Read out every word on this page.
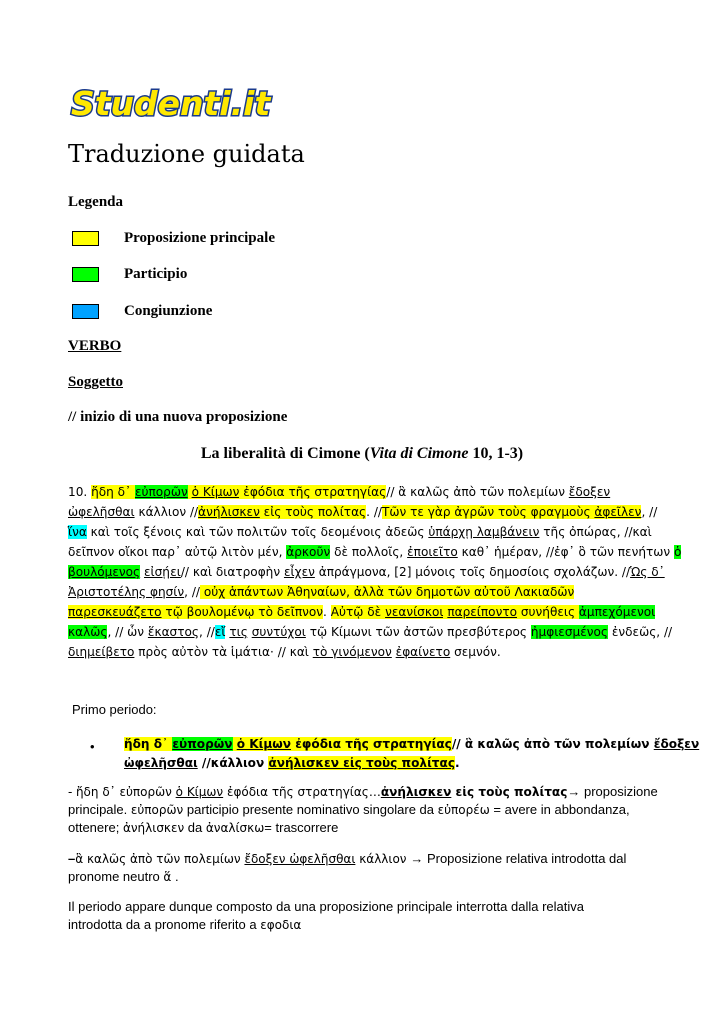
Studenti.it
Traduzione guidata
Legenda
Proposizione principale
Participio
Congiunzione
VERBO
Soggetto
// inizio di una nuova proposizione
La liberalità di Cimone (Vita di Cimone 10, 1-3)
10. ἤδη δ᾽ εὐπορῶν ὁ Κίμων ἐφόδια τῆς στρατηγίας// ἃ καλῶς ἀπὸ τῶν πολεμίων ἔδοξεν
ὠφελῆσθαι κάλλιον //ἀνήλισκεν εἰς τοὺς πολίτας. //Τῶν τε γὰρ ἀγρῶν τοὺς φραγμοὺς ἀφεῖλεν, //
ἵνα καὶ τοῖς ξένοις καὶ τῶν πολιτῶν τοῖς δεομένοις ἀδεῶς ὑπάρχῃ λαμβάνειν τῆς ὀπώρας, //καὶ
δεῖπνον οἴκοι παρ᾽ αὐτῷ λιτὸν μέν, ἀρκοῦν δὲ πολλοῖς, ἐποιεῖτο καθ᾽ ἡμέραν, //ἐφ᾽ ὃ τῶν πενήτων ὁ
βουλόμενος εἰσῄει// καὶ διατροφὴν εἶχεν ἀπράγμονα, [2] μόνοις τοῖς δημοσίοις σχολάζων. //Ὡς δ᾽
Ἀριστοτέλης φησίν, // οὐχ ἁπάντων Ἀθηναίων, ἀλλὰ τῶν δημοτῶν αὐτοῦ Λακιαδῶν
παρεσκευάζετο τῷ βουλομένῳ τὸ δεῖπνον. Αὐτῷ δὲ νεανίσκοι παρείποντο συνήθεις ἀμπεχόμενοι
καλῶς, // ὧν ἕκαστος, //εἴ τις συντύχοι τῷ Κίμωνι τῶν ἀστῶν πρεσβύτερος ἠμφιεσμένος ἐνδεῶς, //
διημείβετο πρὸς αὐτὸν τὰ ἱμάτια· // καὶ τὸ γινόμενον ἐφαίνετο σεμνόν.
Primo periodo:
•	ἤδη δ᾽ εὐπορῶν ὁ Κίμων ἐφόδια τῆς στρατηγίας// ἃ καλῶς ἀπὸ τῶν πολεμίων ἔδοξεν
ὠφελῆσθαι //κάλλιον ἀνήλισκεν εἰς τοὺς πολίτας.
- ἤδη δ᾽ εὐπορῶν ὁ Κίμων ἐφόδια τῆς στρατηγίας…ἀνήλισκεν εἰς τοὺς πολίτας→ proposizione
principale. εὐπορῶν participio presente nominativo singolare da εὐπορέω = avere in abbondanza,
ottenere; ἀνήλισκεν da ἀναλίσκω= trascorrere
–ἃ καλῶς ἀπὸ τῶν πολεμίων ἔδοξεν ὠφελῆσθαι κάλλιον → Proposizione relativa introdotta dal
pronome neutro ἅ .
Il periodo appare dunque composto da una proposizione principale interrotta dalla relativa
introdotta da a pronome riferito a εφοδια
